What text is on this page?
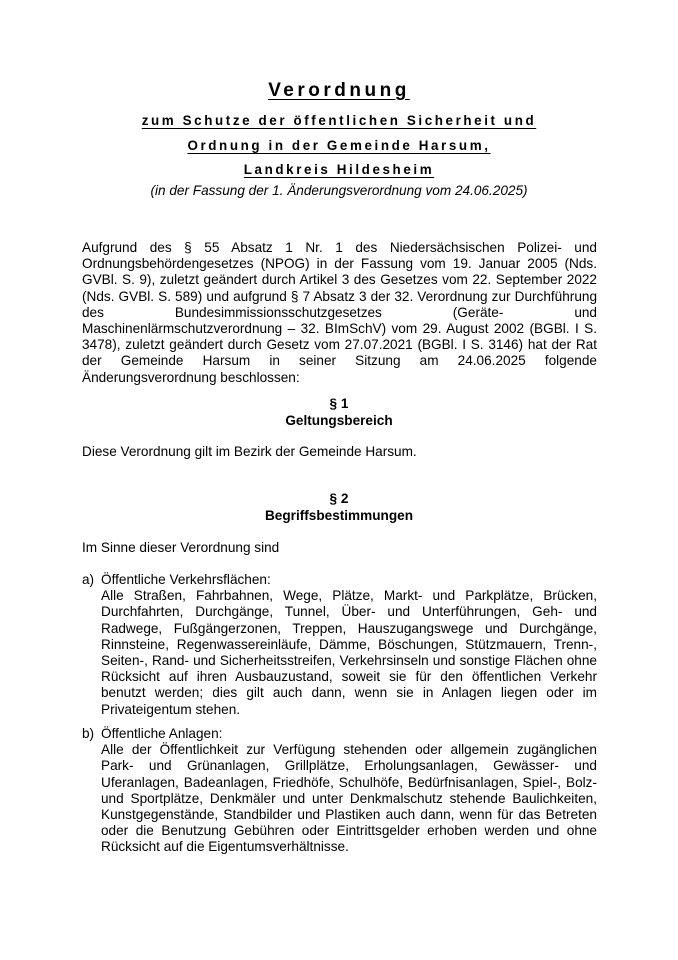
Verordnung
zum Schutze der öffentlichen Sicherheit und
Ordnung in der Gemeinde Harsum,
Landkreis Hildesheim
(in der Fassung der 1. Änderungsverordnung vom 24.06.2025)
Aufgrund des § 55 Absatz 1 Nr. 1 des Niedersächsischen Polizei- und Ordnungsbehördengesetzes (NPOG) in der Fassung vom 19. Januar 2005 (Nds. GVBl. S. 9), zuletzt geändert durch Artikel 3 des Gesetzes vom 22. September 2022 (Nds. GVBl. S. 589) und aufgrund § 7 Absatz 3 der 32. Verordnung zur Durchführung des Bundesimmissionsschutzgesetzes (Geräte- und Maschinenlärmschutzverordnung – 32. BImSchV) vom 29. August 2002 (BGBl. I S. 3478), zuletzt geändert durch Gesetz vom 27.07.2021 (BGBl. I S. 3146) hat der Rat der Gemeinde Harsum in seiner Sitzung am 24.06.2025 folgende Änderungsverordnung beschlossen:
§ 1
Geltungsbereich
Diese Verordnung gilt im Bezirk der Gemeinde Harsum.
§ 2
Begriffsbestimmungen
Im Sinne dieser Verordnung sind
a) Öffentliche Verkehrsflächen:
Alle Straßen, Fahrbahnen, Wege, Plätze, Markt- und Parkplätze, Brücken, Durchfahrten, Durchgänge, Tunnel, Über- und Unterführungen, Geh- und Radwege, Fußgängerzonen, Treppen, Hauszugangswege und Durchgänge, Rinnsteine, Regenwassereinläufe, Dämme, Böschungen, Stützmauern, Trenn-, Seiten-, Rand- und Sicherheitsstreifen, Verkehrsinseln und sonstige Flächen ohne Rücksicht auf ihren Ausbauzustand, soweit sie für den öffentlichen Verkehr benutzt werden; dies gilt auch dann, wenn sie in Anlagen liegen oder im Privateigentum stehen.
b) Öffentliche Anlagen:
Alle der Öffentlichkeit zur Verfügung stehenden oder allgemein zugänglichen Park- und Grünanlagen, Grillplätze, Erholungsanlagen, Gewässer- und Uferanlagen, Badeanlagen, Friedhöfe, Schulhöfe, Bedürfnisanlagen, Spiel-, Bolz- und Sportplätze, Denkmäler und unter Denkmalschutz stehende Baulichkeiten, Kunstgegenstände, Standbilder und Plastiken auch dann, wenn für das Betreten oder die Benutzung Gebühren oder Eintrittsgelder erhoben werden und ohne Rücksicht auf die Eigentumsverhältnisse.
